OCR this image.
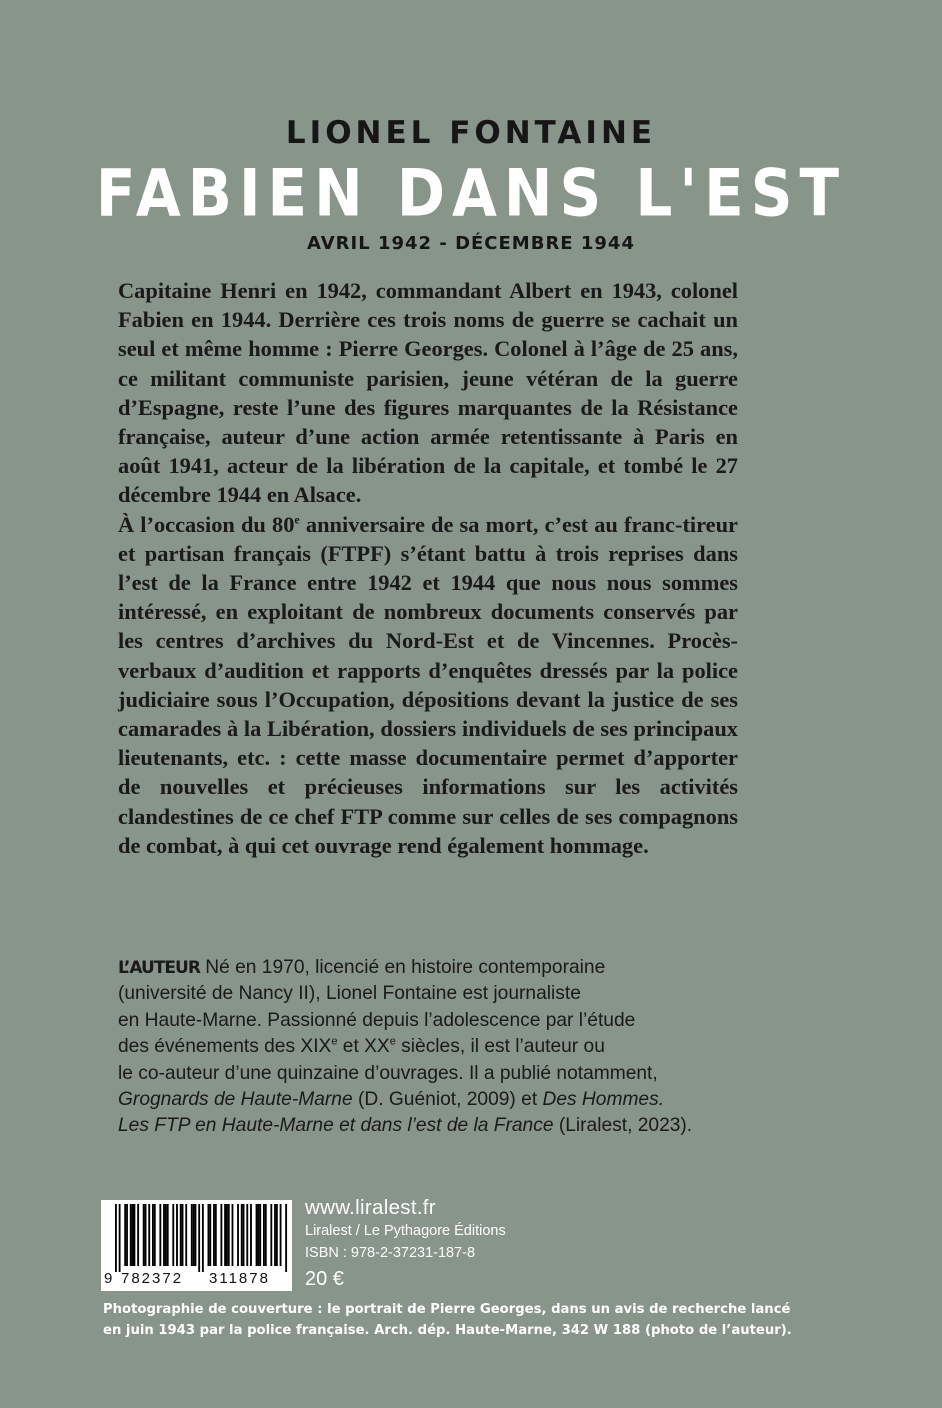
LIONEL FONTAINE
FABIEN DANS L'EST
AVRIL 1942 - DÉCEMBRE 1944

Capitaine Henri en 1942, commandant Albert en 1943, colonel Fabien en 1944. Derrière ces trois noms de guerre se cachait un seul et même homme : Pierre Georges. Colonel à l’âge de 25 ans, ce militant communiste parisien, jeune vétéran de la guerre d’Espagne, reste l’une des figures marquantes de la Résistance française, auteur d’une action armée retentissante à Paris en août 1941, acteur de la libération de la capitale, et tombé le 27 décembre 1944 en Alsace.

À l’occasion du 80e anniversaire de sa mort, c’est au franc-tireur et partisan français (FTPF) s’étant battu à trois reprises dans l’est de la France entre 1942 et 1944 que nous nous sommes intéressé, en exploitant de nombreux documents conservés par les centres d’archives du Nord-Est et de Vincennes. Procès-verbaux d’audition et rapports d’enquêtes dressés par la police judiciaire sous l’Occupation, dépositions devant la justice de ses camarades à la Libération, dossiers individuels de ses principaux lieutenants, etc. : cette masse documentaire permet d’apporter de nouvelles et précieuses informations sur les activités clandestines de ce chef FTP comme sur celles de ses compagnons de combat, à qui cet ouvrage rend également hommage.

L’AUTEUR Né en 1970, licencié en histoire contemporaine
(université de Nancy II), Lionel Fontaine est journaliste
en Haute-Marne. Passionné depuis l’adolescence par l’étude
des événements des XIXe et XXe siècles, il est l’auteur ou
le co-auteur d’une quinzaine d’ouvrages. Il a publié notamment,
Grognards de Haute-Marne (D. Guéniot, 2009) et Des Hommes.
Les FTP en Haute-Marne et dans l’est de la France (Liralest, 2023).
9 782372 311878
www.liralest.fr
Liralest / Le Pythagore Éditions
ISBN : 978-2-37231-187-8
20 €
Photographie de couverture : le portrait de Pierre Georges, dans un avis de recherche lancé
en juin 1943 par la police française. Arch. dép. Haute-Marne, 342 W 188 (photo de l’auteur).
